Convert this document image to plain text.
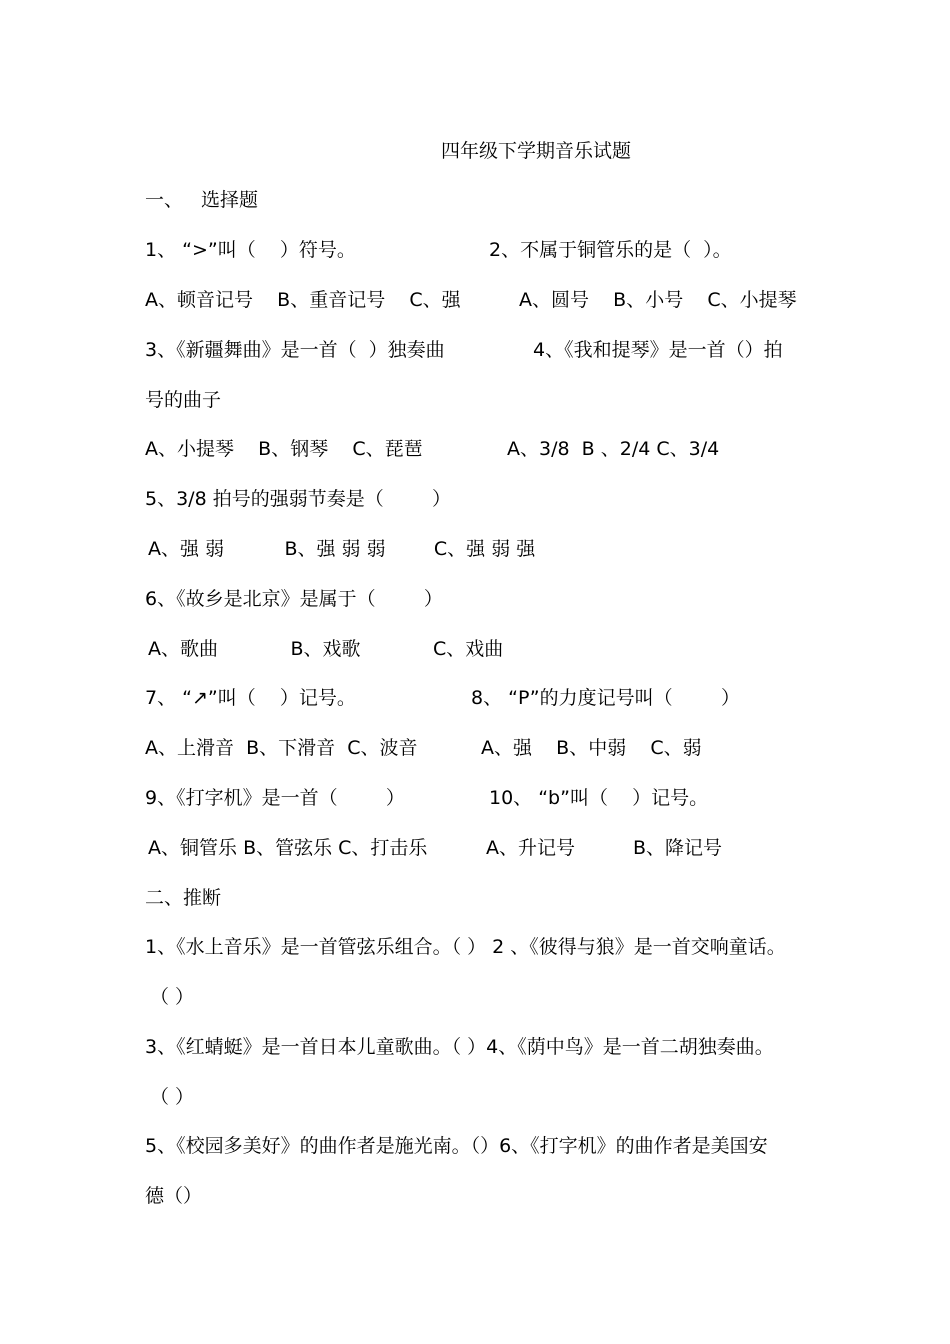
四年级下学期音乐试题
一、 选择题
1、 “>”叫（    ）符号。	2、不属于铜管乐的是（  ）。
A、顿音记号    B、重音记号    C、强	A、圆号    B、小号    C、小提琴
3、《新疆舞曲》是一首（  ）独奏曲	4、《我和提琴》是一首（）拍
号的曲子
A、小提琴    B、钢琴    C、琵琶	A、3/8  B 、2/4 C、3/4
5、3/8 拍号的强弱节奏是（        ）
A、强 弱          B、强 弱 弱        C、强 弱 强
6、《故乡是北京》是属于（        ）
A、歌曲            B、戏歌            C、戏曲
7、 “↗”叫（    ）记号。	8、 “P”的力度记号叫（        ）
A、上滑音  B、下滑音  C、波音	A、强    B、中弱    C、弱
9、《打字机》是一首（        ）	10、 “b”叫（    ）记号。
A、铜管乐 B、管弦乐 C、打击乐	A、升记号	B、降记号
二、推断
1、《水上音乐》是一首管弦乐组合。（ ） 2 、《彼得与狼》是一首交响童话。
（ ）
3、《红蜻蜓》是一首日本儿童歌曲。（ ）4、《荫中鸟》是一首二胡独奏曲。
（ ）
5、《校园多美好》的曲作者是施光南。（）6、《打字机》的曲作者是美国安
德（）
